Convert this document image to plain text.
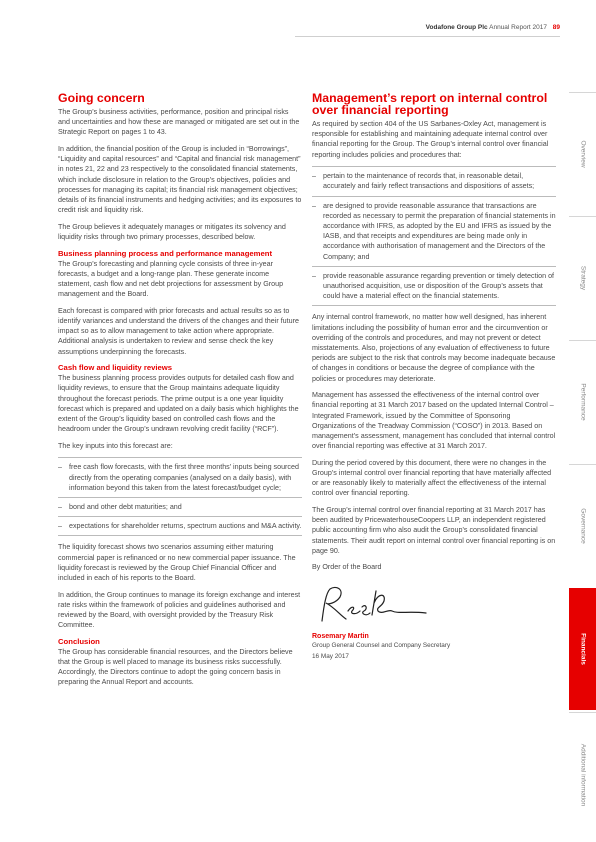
Vodafone Group Plc Annual Report 2017 89
Going concern

The Group’s business activities, performance, position and principal risks and uncertainties and how these are managed or mitigated are set out in the Strategic Report on pages 1 to 43.

In addition, the financial position of the Group is included in “Borrowings”, “Liquidity and capital resources” and “Capital and financial risk management” in notes 21, 22 and 23 respectively to the consolidated financial statements, which include disclosure in relation to the Group’s objectives, policies and processes for managing its capital; its financial risk management objectives; details of its financial instruments and hedging activities; and its exposures to credit risk and liquidity risk.

The Group believes it adequately manages or mitigates its solvency and liquidity risks through two primary processes, described below.

Business planning process and performance management

The Group’s forecasting and planning cycle consists of three in-year forecasts, a budget and a long-range plan. These generate income statement, cash flow and net debt projections for assessment by Group management and the Board.

Each forecast is compared with prior forecasts and actual results so as to identify variances and understand the drivers of the changes and their future impact so as to allow management to take action where appropriate. Additional analysis is undertaken to review and sense check the key assumptions underpinning the forecasts.

Cash flow and liquidity reviews

The business planning process provides outputs for detailed cash flow and liquidity reviews, to ensure that the Group maintains adequate liquidity throughout the forecast periods. The prime output is a one year liquidity forecast which is prepared and updated on a daily basis which highlights the extent of the Group’s liquidity based on controlled cash flows and the headroom under the Group’s undrawn revolving credit facility (“RCF”).

The key inputs into this forecast are:

– free cash flow forecasts, with the first three months’ inputs being sourced directly from the operating companies (analysed on a daily basis), with information beyond this taken from the latest forecast/budget cycle;
– bond and other debt maturities; and
– expectations for shareholder returns, spectrum auctions and M&A activity.

The liquidity forecast shows two scenarios assuming either maturing commercial paper is refinanced or no new commercial paper issuance. The liquidity forecast is reviewed by the Group Chief Financial Officer and included in each of his reports to the Board.

In addition, the Group continues to manage its foreign exchange and interest rate risks within the framework of policies and guidelines authorised and reviewed by the Board, with oversight provided by the Treasury Risk Committee.

Conclusion

The Group has considerable financial resources, and the Directors believe that the Group is well placed to manage its business risks successfully. Accordingly, the Directors continue to adopt the going concern basis in preparing the Annual Report and accounts.

Management’s report on internal control over financial reporting

As required by section 404 of the US Sarbanes-Oxley Act, management is responsible for establishing and maintaining adequate internal control over financial reporting for the Group. The Group’s internal control over financial reporting includes policies and procedures that:

– pertain to the maintenance of records that, in reasonable detail, accurately and fairly reflect transactions and dispositions of assets;
– are designed to provide reasonable assurance that transactions are recorded as necessary to permit the preparation of financial statements in accordance with IFRS, as adopted by the EU and IFRS as issued by the IASB, and that receipts and expenditures are being made only in accordance with authorisation of management and the Directors of the Company; and
– provide reasonable assurance regarding prevention or timely detection of unauthorised acquisition, use or disposition of the Group’s assets that could have a material effect on the financial statements.

Any internal control framework, no matter how well designed, has inherent limitations including the possibility of human error and the circumvention or overriding of the controls and procedures, and may not prevent or detect misstatements. Also, projections of any evaluation of effectiveness to future periods are subject to the risk that controls may become inadequate because of changes in conditions or because the degree of compliance with the policies or procedures may deteriorate.

Management has assessed the effectiveness of the internal control over financial reporting at 31 March 2017 based on the updated Internal Control – Integrated Framework, issued by the Committee of Sponsoring Organizations of the Treadway Commission (“COSO”) in 2013. Based on management’s assessment, management has concluded that internal control over financial reporting was effective at 31 March 2017.

During the period covered by this document, there were no changes in the Group’s internal control over financial reporting that have materially affected or are reasonably likely to materially affect the effectiveness of the internal control over financial reporting.

The Group’s internal control over financial reporting at 31 March 2017 has been audited by PricewaterhouseCoopers LLP, an independent registered public accounting firm who also audit the Group’s consolidated financial statements. Their audit report on internal control over financial reporting is on page 90.

By Order of the Board

Rosemary Martin
Group General Counsel and Company Secretary
16 May 2017
Overview
Strategy
Performance
Governance
Financials
Additional information
